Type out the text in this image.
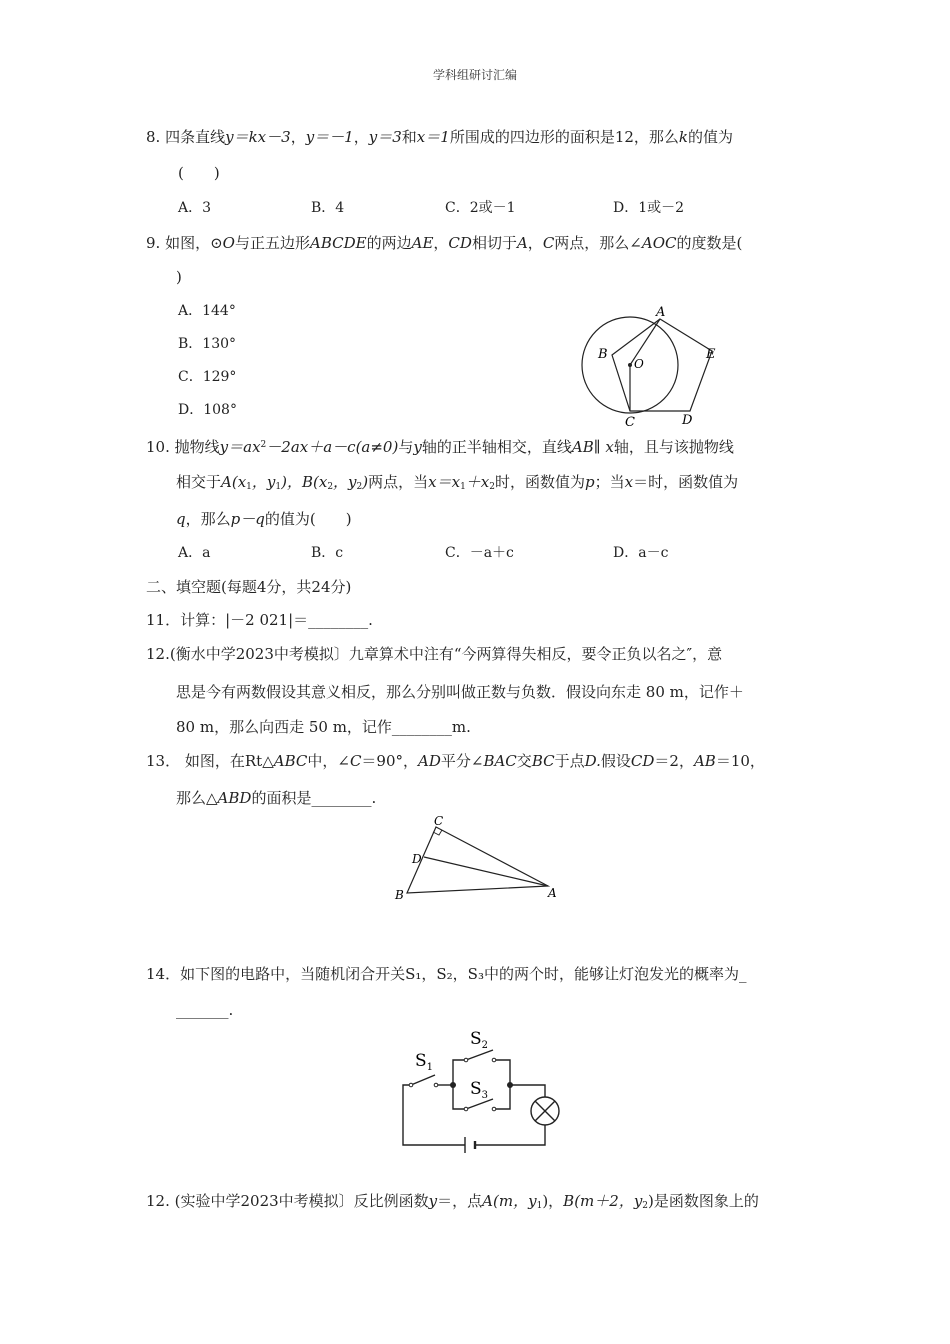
学科组研讨汇编
8. 四条直线y＝kx－3，y＝－1，y＝3和x＝1所围成的四边形的面积是12，那么k的值为
(　　)
A．3	B．4	C．2或－1	D．1或－2
9. 如图，⊙O与正五边形ABCDE的两边AE，CD相切于A，C两点，那么∠AOC的度数是(
)
A．144°
B．130°
C．129°
D．108°
A
B
C	D
E
O
10. 抛物线$y=ax^2-2ax+a-c(a\ne 0)$与y轴的正半轴相交，直线AB∥ x轴，且与该抛物线
相交于$A(x_1$，$y_1$)，$B(x_2$，$y_2$)两点，当$x=x_1+x_2$时，函数值为p；当x＝时，函数值为
q，那么p－q的值为(　　)
A．a	B．c	C．－a＋c	D．a－c
二、填空题(每题4分，共24分)
11．计算：|－2 021|＝________.
12.(衡水中学2023中考模拟〕九章算术中注有“今两算得失相反，要令正负以名之″，意
思是今有两数假设其意义相反，那么分别叫做正数与负数．假设向东走 80 m，记作＋
80 m，那么向西走 50 m，记作________m.
13． 如图，在Rt△ABC中，∠C＝90°，AD平分∠BAC交BC于点D.假设CD＝2，AB＝10，
那么△ABD的面积是________.
C
D
B	A
14．如下图的电路中，当随机闭合开关S₁，S₂，S₃中的两个时，能够让灯泡发光的概率为_
_______.
$S_1$
$S_2$
$S_3$
12. (实验中学2023中考模拟〕反比例函数y＝，点A(m，$y_1$)，B(m＋2，$y_2$)是函数图象上的
